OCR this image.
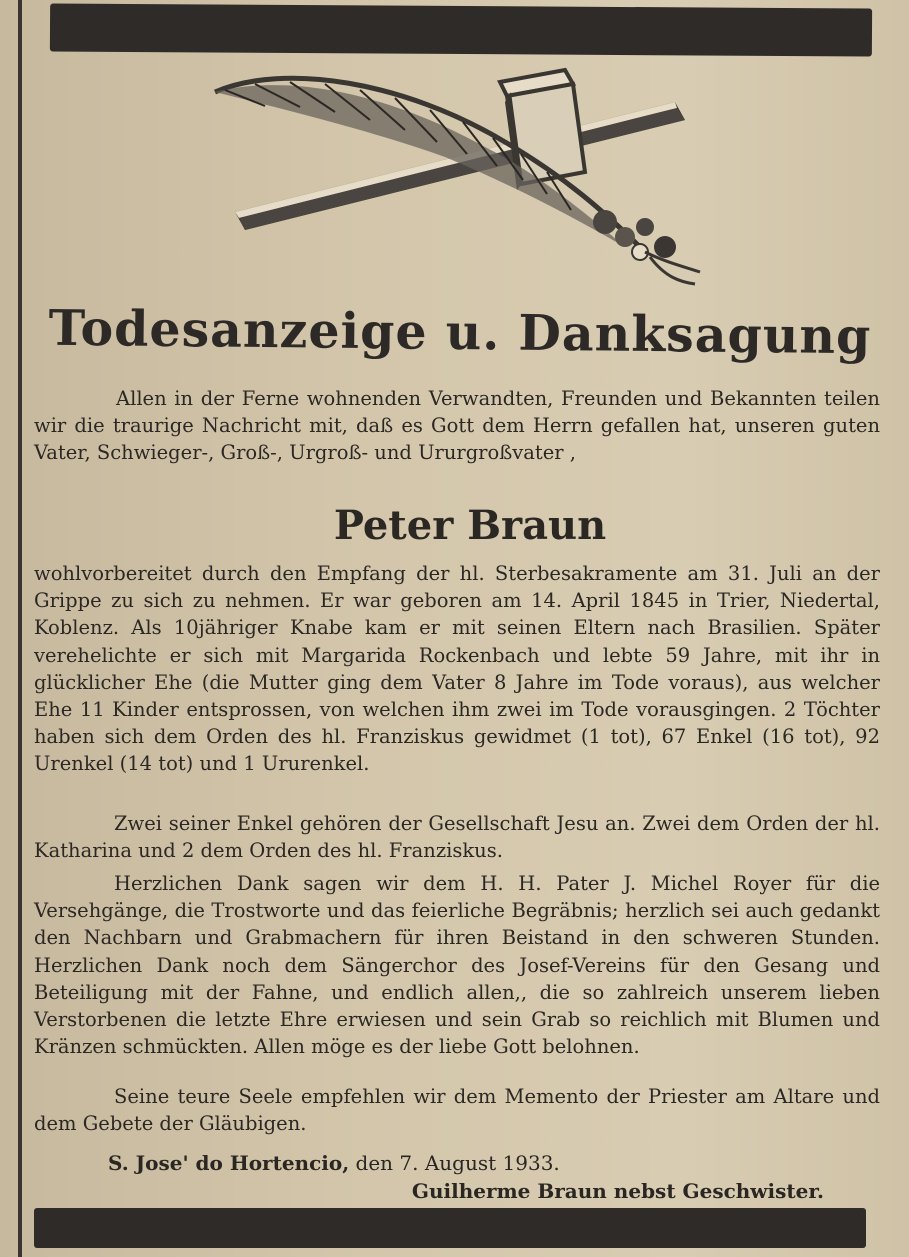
Todesanzeige u. Danksagung
Allen in der Ferne wohnenden Verwandten, Freunden und Bekannten teilen wir die traurige Nachricht mit, daß es Gott dem Herrn gefallen hat, unseren guten Vater, Schwieger-, Groß-, Urgroß- und Ururgroßvater ,
Peter Braun
wohlvorbereitet durch den Empfang der hl. Sterbesakramente am 31. Juli an der Grippe zu sich zu nehmen. Er war geboren am 14. April 1845 in Trier, Niedertal, Koblenz. Als 10jähriger Knabe kam er mit seinen Eltern nach Brasilien. Später verehelichte er sich mit Margarida Rockenbach und lebte 59 Jahre, mit ihr in glücklicher Ehe (die Mutter ging dem Vater 8 Jahre im Tode voraus), aus welcher Ehe 11 Kinder entsprossen, von welchen ihm zwei im Tode vorausgingen. 2 Töchter haben sich dem Orden des hl. Franziskus gewidmet (1 tot), 67 Enkel (16 tot), 92 Urenkel (14 tot) und 1 Ururenkel.
Zwei seiner Enkel gehören der Gesellschaft Jesu an. Zwei dem Orden der hl. Katharina und 2 dem Orden des hl. Franziskus.
Herzlichen Dank sagen wir dem H. H. Pater J. Michel Royer für die Versehgänge, die Trostworte und das feierliche Begräbnis; herzlich sei auch gedankt den Nachbarn und Grabmachern für ihren Beistand in den schweren Stunden. Herzlichen Dank noch dem Sängerchor des Josef-Vereins für den Gesang und Beteiligung mit der Fahne, und endlich allen,, die so zahlreich unserem lieben Verstorbenen die letzte Ehre erwiesen und sein Grab so reichlich mit Blumen und Kränzen schmückten. Allen möge es der liebe Gott belohnen.
Seine teure Seele empfehlen wir dem Memento der Priester am Altare und dem Gebete der Gläubigen.
S. Jose' do Hortencio, den 7. August 1933.
Guilherme Braun nebst Geschwister.
